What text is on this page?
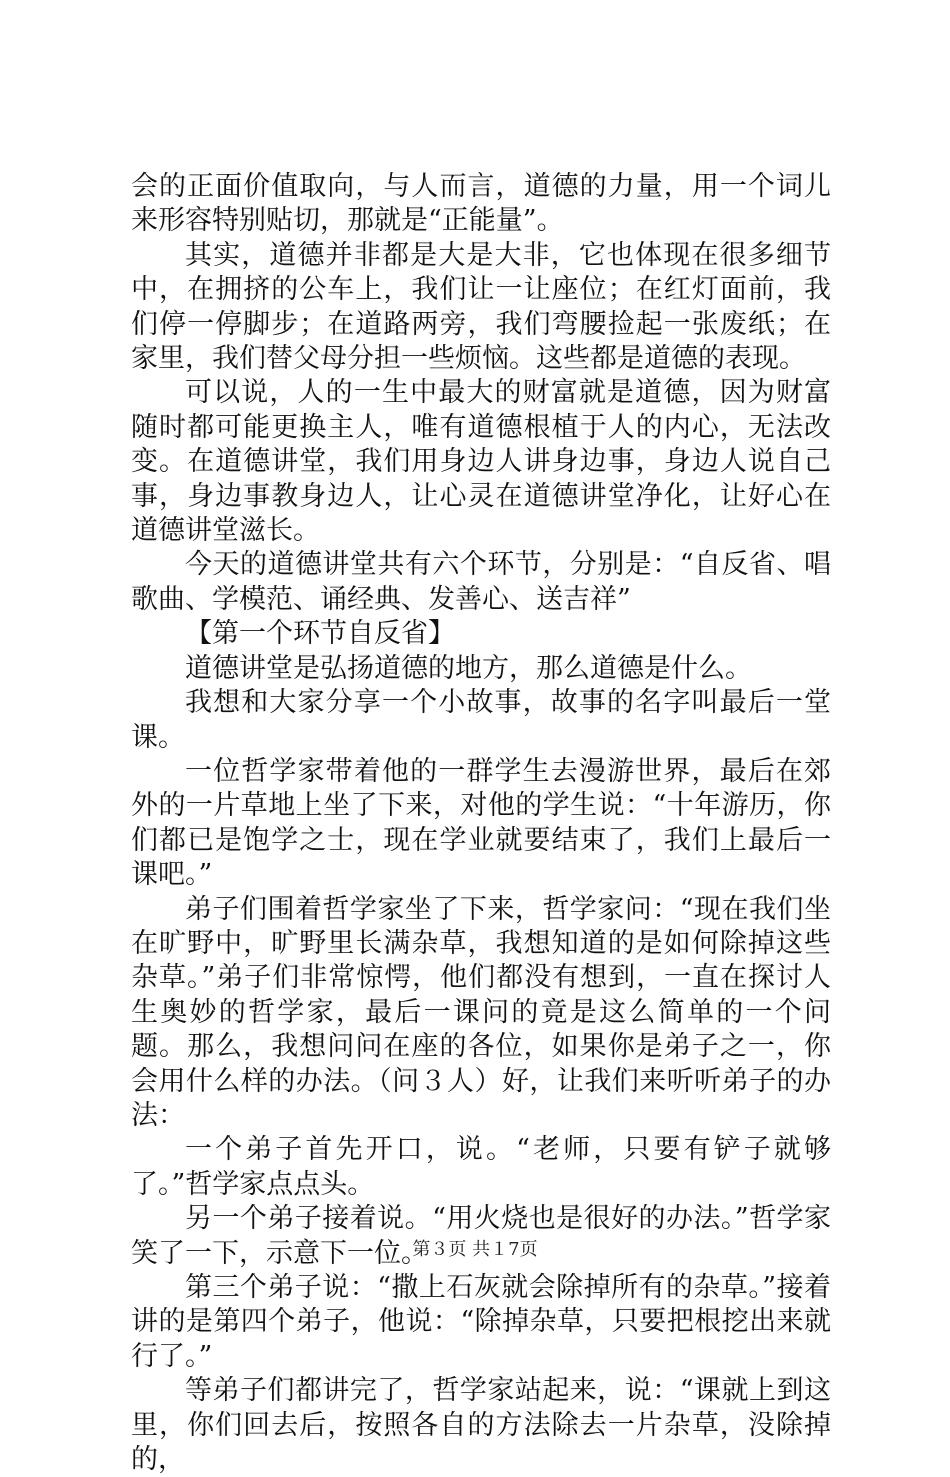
会的正面价值取向，与人而言，道德的力量，用一个词儿来形容特别贴切，那就是“正能量”。

其实，道德并非都是大是大非，它也体现在很多细节中，在拥挤的公车上，我们让一让座位；在红灯面前，我们停一停脚步；在道路两旁，我们弯腰捡起一张废纸；在家里，我们替父母分担一些烦恼。这些都是道德的表现。

可以说，人的一生中最大的财富就是道德，因为财富随时都可能更换主人，唯有道德根植于人的内心，无法改变。在道德讲堂，我们用身边人讲身边事，身边人说自己事，身边事教身边人，让心灵在道德讲堂净化，让好心在道德讲堂滋长。

今天的道德讲堂共有六个环节，分别是：“自反省、唱歌曲、学模范、诵经典、发善心、送吉祥”

【第一个环节自反省】

道德讲堂是弘扬道德的地方，那么道德是什么。

我想和大家分享一个小故事，故事的名字叫最后一堂课。

一位哲学家带着他的一群学生去漫游世界，最后在郊外的一片草地上坐了下来，对他的学生说：“十年游历，你们都已是饱学之士，现在学业就要结束了，我们上最后一课吧。”

弟子们围着哲学家坐了下来，哲学家问：“现在我们坐在旷野中，旷野里长满杂草，我想知道的是如何除掉这些杂草。”弟子们非常惊愕，他们都没有想到，一直在探讨人生奥妙的哲学家，最后一课问的竟是这么简单的一个问题。那么，我想问问在座的各位，如果你是弟子之一，你会用什么样的办法。（问３人）好，让我们来听听弟子的办法：

一个弟子首先开口，说。“老师，只要有铲子就够了。”哲学家点点头。

另一个弟子接着说。“用火烧也是很好的办法。”哲学家笑了一下，示意下一位。

第三个弟子说：“撒上石灰就会除掉所有的杂草。”接着讲的是第四个弟子，他说：“除掉杂草，只要把根挖出来就行了。”

等弟子们都讲完了，哲学家站起来，说：“课就上到这里，你们回去后，按照各自的方法除去一片杂草，没除掉的，

第３页 共１7页
